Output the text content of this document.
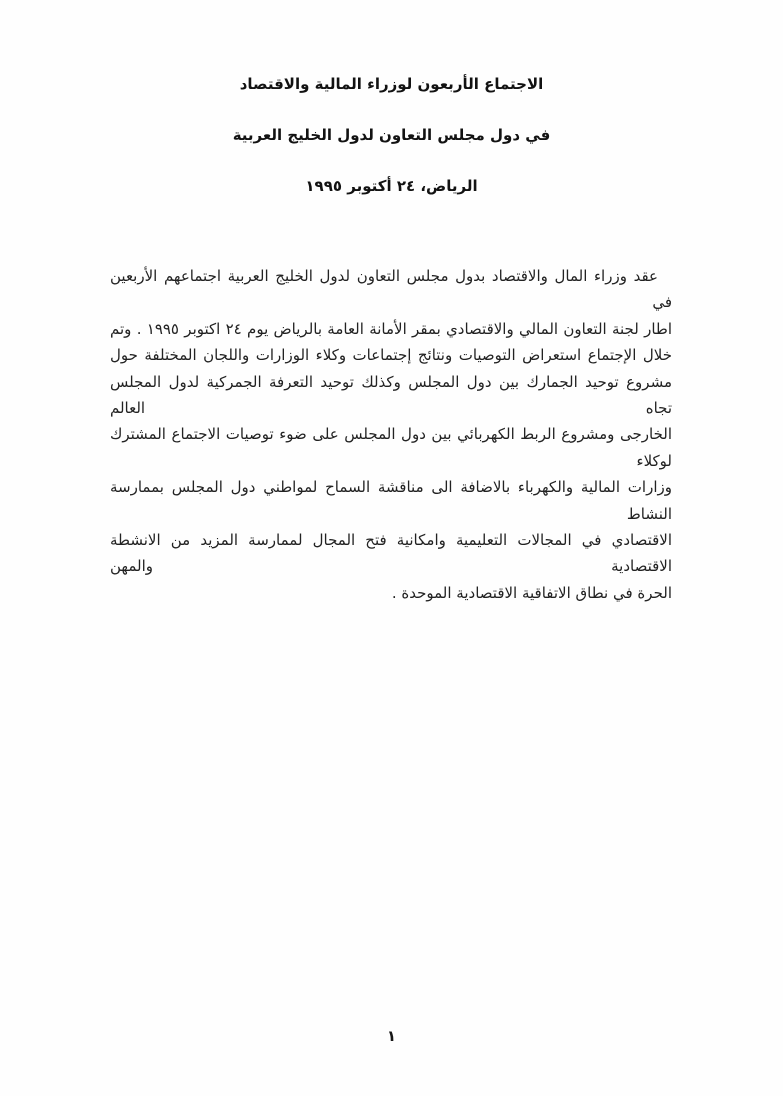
الاجتماع الأربعون لوزراء المالية والاقتصاد
في دول مجلس التعاون لدول الخليج العربية
الرياض، ٢٤ أكتوبر ١٩٩٥

عقد وزراء المال والاقتصاد بدول مجلس التعاون لدول الخليج العربية اجتماعهم الأربعين في

اطار لجنة التعاون المالي والاقتصادي بمقر الأمانة العامة بالرياض يوم ٢٤ اكتوبر ١٩٩٥ . وتم

خلال الإجتماع استعراض التوصيات ونتائج إجتماعات وكلاء الوزارات واللجان المختلفة حول

مشروع توحيد الجمارك بين دول المجلس وكذلك توحيد التعرفة الجمركية لدول المجلس تجاه العالم

الخارجى ومشروع الربط الكهربائي بين دول المجلس على ضوء توصيات الاجتماع المشترك لوكلاء

وزارات المالية والكهرباء بالاضافة الى مناقشة السماح لمواطني دول المجلس بممارسة النشاط

الاقتصادي في المجالات التعليمية وامكانية فتح المجال لممارسة المزيد من الانشطة الاقتصادية والمهن

الحرة في نطاق الاتفاقية الاقتصادية الموحدة .

١
